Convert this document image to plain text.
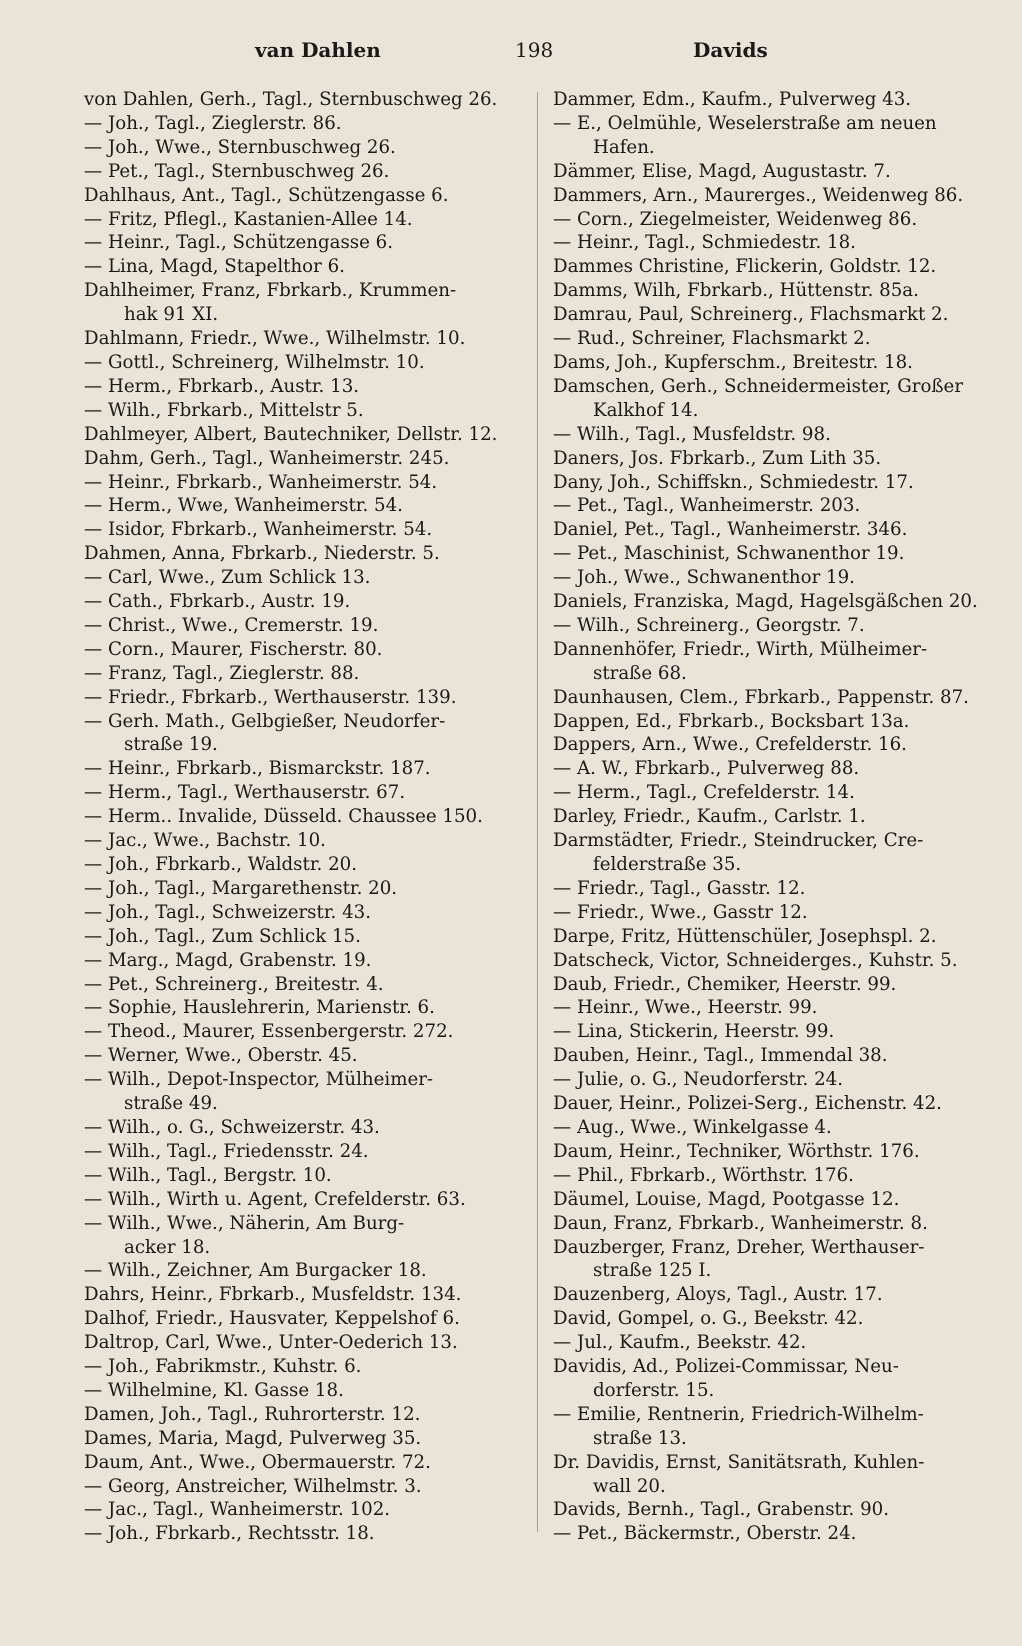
van Dahlen	198	Davids
von Dahlen, Gerh., Tagl., Sternbuschweg 26.
— Joh., Tagl., Zieglerstr. 86.
— Joh., Wwe., Sternbuschweg 26.
— Pet., Tagl., Sternbuschweg 26.
Dahlhaus, Ant., Tagl., Schützengasse 6.
— Fritz, Pflegl., Kastanien-Allee 14.
— Heinr., Tagl., Schützengasse 6.
— Lina, Magd, Stapelthor 6.
Dahlheimer, Franz, Fbrkarb., Krummen-
hak 91 XI.
Dahlmann, Friedr., Wwe., Wilhelmstr. 10.
— Gottl., Schreinerg, Wilhelmstr. 10.
— Herm., Fbrkarb., Austr. 13.
— Wilh., Fbrkarb., Mittelstr 5.
Dahlmeyer, Albert, Bautechniker, Dellstr. 12.
Dahm, Gerh., Tagl., Wanheimerstr. 245.
— Heinr., Fbrkarb., Wanheimerstr. 54.
— Herm., Wwe, Wanheimerstr. 54.
— Isidor, Fbrkarb., Wanheimerstr. 54.
Dahmen, Anna, Fbrkarb., Niederstr. 5.
— Carl, Wwe., Zum Schlick 13.
— Cath., Fbrkarb., Austr. 19.
— Christ., Wwe., Cremerstr. 19.
— Corn., Maurer, Fischerstr. 80.
— Franz, Tagl., Zieglerstr. 88.
— Friedr., Fbrkarb., Werthauserstr. 139.
— Gerh. Math., Gelbgießer, Neudorfer-
straße 19.
— Heinr., Fbrkarb., Bismarckstr. 187.
— Herm., Tagl., Werthauserstr. 67.
— Herm.. Invalide, Düsseld. Chaussee 150.
— Jac., Wwe., Bachstr. 10.
— Joh., Fbrkarb., Waldstr. 20.
— Joh., Tagl., Margarethenstr. 20.
— Joh., Tagl., Schweizerstr. 43.
— Joh., Tagl., Zum Schlick 15.
— Marg., Magd, Grabenstr. 19.
— Pet., Schreinerg., Breitestr. 4.
— Sophie, Hauslehrerin, Marienstr. 6.
— Theod., Maurer, Essenbergerstr. 272.
— Werner, Wwe., Oberstr. 45.
— Wilh., Depot-Inspector, Mülheimer-
straße 49.
— Wilh., o. G., Schweizerstr. 43.
— Wilh., Tagl., Friedensstr. 24.
— Wilh., Tagl., Bergstr. 10.
— Wilh., Wirth u. Agent, Crefelderstr. 63.
— Wilh., Wwe., Näherin, Am Burg-
acker 18.
— Wilh., Zeichner, Am Burgacker 18.
Dahrs, Heinr., Fbrkarb., Musfeldstr. 134.
Dalhof, Friedr., Hausvater, Keppelshof 6.
Daltrop, Carl, Wwe., Unter-Oederich 13.
— Joh., Fabrikmstr., Kuhstr. 6.
— Wilhelmine, Kl. Gasse 18.
Damen, Joh., Tagl., Ruhrorterstr. 12.
Dames, Maria, Magd, Pulverweg 35.
Daum, Ant., Wwe., Obermauerstr. 72.
— Georg, Anstreicher, Wilhelmstr. 3.
— Jac., Tagl., Wanheimerstr. 102.
— Joh., Fbrkarb., Rechtsstr. 18.
Dammer, Edm., Kaufm., Pulverweg 43.
— E., Oelmühle, Weselerstraße am neuen
Hafen.
Dämmer, Elise, Magd, Augustastr. 7.
Dammers, Arn., Maurerges., Weidenweg 86.
— Corn., Ziegelmeister, Weidenweg 86.
— Heinr., Tagl., Schmiedestr. 18.
Dammes Christine, Flickerin, Goldstr. 12.
Damms, Wilh, Fbrkarb., Hüttenstr. 85a.
Damrau, Paul, Schreinerg., Flachsmarkt 2.
— Rud., Schreiner, Flachsmarkt 2.
Dams, Joh., Kupferschm., Breitestr. 18.
Damschen, Gerh., Schneidermeister, Großer
Kalkhof 14.
— Wilh., Tagl., Musfeldstr. 98.
Daners, Jos. Fbrkarb., Zum Lith 35.
Dany, Joh., Schiffskn., Schmiedestr. 17.
— Pet., Tagl., Wanheimerstr. 203.
Daniel, Pet., Tagl., Wanheimerstr. 346.
— Pet., Maschinist, Schwanenthor 19.
— Joh., Wwe., Schwanenthor 19.
Daniels, Franziska, Magd, Hagelsgäßchen 20.
— Wilh., Schreinerg., Georgstr. 7.
Dannenhöfer, Friedr., Wirth, Mülheimer-
straße 68.
Daunhausen, Clem., Fbrkarb., Pappenstr. 87.
Dappen, Ed., Fbrkarb., Bocksbart 13a.
Dappers, Arn., Wwe., Crefelderstr. 16.
— A. W., Fbrkarb., Pulverweg 88.
— Herm., Tagl., Crefelderstr. 14.
Darley, Friedr., Kaufm., Carlstr. 1.
Darmstädter, Friedr., Steindrucker, Cre-
felderstraße 35.
— Friedr., Tagl., Gasstr. 12.
— Friedr., Wwe., Gasstr 12.
Darpe, Fritz, Hüttenschüler, Josephspl. 2.
Datscheck, Victor, Schneiderges., Kuhstr. 5.
Daub, Friedr., Chemiker, Heerstr. 99.
— Heinr., Wwe., Heerstr. 99.
— Lina, Stickerin, Heerstr. 99.
Dauben, Heinr., Tagl., Immendal 38.
— Julie, o. G., Neudorferstr. 24.
Dauer, Heinr., Polizei-Serg., Eichenstr. 42.
— Aug., Wwe., Winkelgasse 4.
Daum, Heinr., Techniker, Wörthstr. 176.
— Phil., Fbrkarb., Wörthstr. 176.
Däumel, Louise, Magd, Pootgasse 12.
Daun, Franz, Fbrkarb., Wanheimerstr. 8.
Dauzberger, Franz, Dreher, Werthauser-
straße 125 I.
Dauzenberg, Aloys, Tagl., Austr. 17.
David, Gompel, o. G., Beekstr. 42.
— Jul., Kaufm., Beekstr. 42.
Davidis, Ad., Polizei-Commissar, Neu-
dorferstr. 15.
— Emilie, Rentnerin, Friedrich-Wilhelm-
straße 13.
Dr. Davidis, Ernst, Sanitätsrath, Kuhlen-
wall 20.
Davids, Bernh., Tagl., Grabenstr. 90.
— Pet., Bäckermstr., Oberstr. 24.
